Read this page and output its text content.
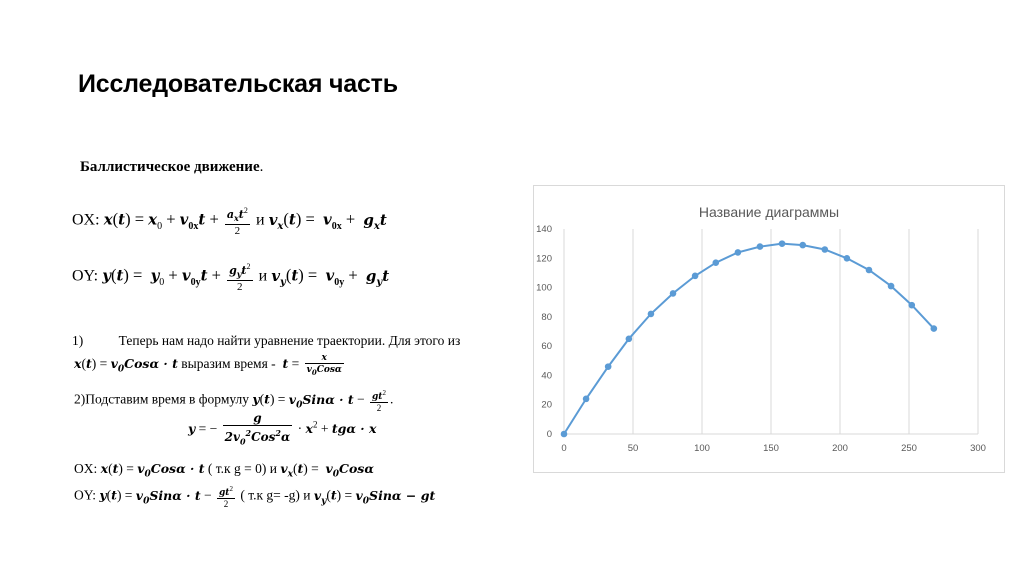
Исследовательская часть
Баллистическое движение.
OX: $x(t) = x_0 + v_{0x}t + \frac{a_xt^2}{2}$ и $v_x(t) = v_{0x} + g_xt$
OY: $y(t) = y_0 + v_{0y}t + \frac{g_yt^2}{2}$ и $v_y(t) = v_{0y} + g_yt$
1)	Теперь нам надо найти уравнение траектории. Для этого из
$x(t) = v_0Cos\alpha \cdot t$ выразим время - $t = \frac{x}{v_0Cos\alpha}$
2)Подставим время в формулу $y(t) = v_0Sin\alpha \cdot t - \frac{gt^2}{2}$ .
y = − $\frac{g}{2v_0^2Cos^2\alpha} \cdot x^2 + tg\alpha \cdot x$
OX: $x(t) = v_0Cos\alpha \cdot t$ ( т.к g = 0) и $v_x(t) = v_0Cos\alpha$
OY: $y(t) = v_0Sin\alpha \cdot t - \frac{gt^2}{2}$ ( т.к g= -g) и $v_y(t) = v_0Sin\alpha$ − gt
Название диаграммы
0	50	100	150	200	250	300
0
20
40
60
80
100
120
140
